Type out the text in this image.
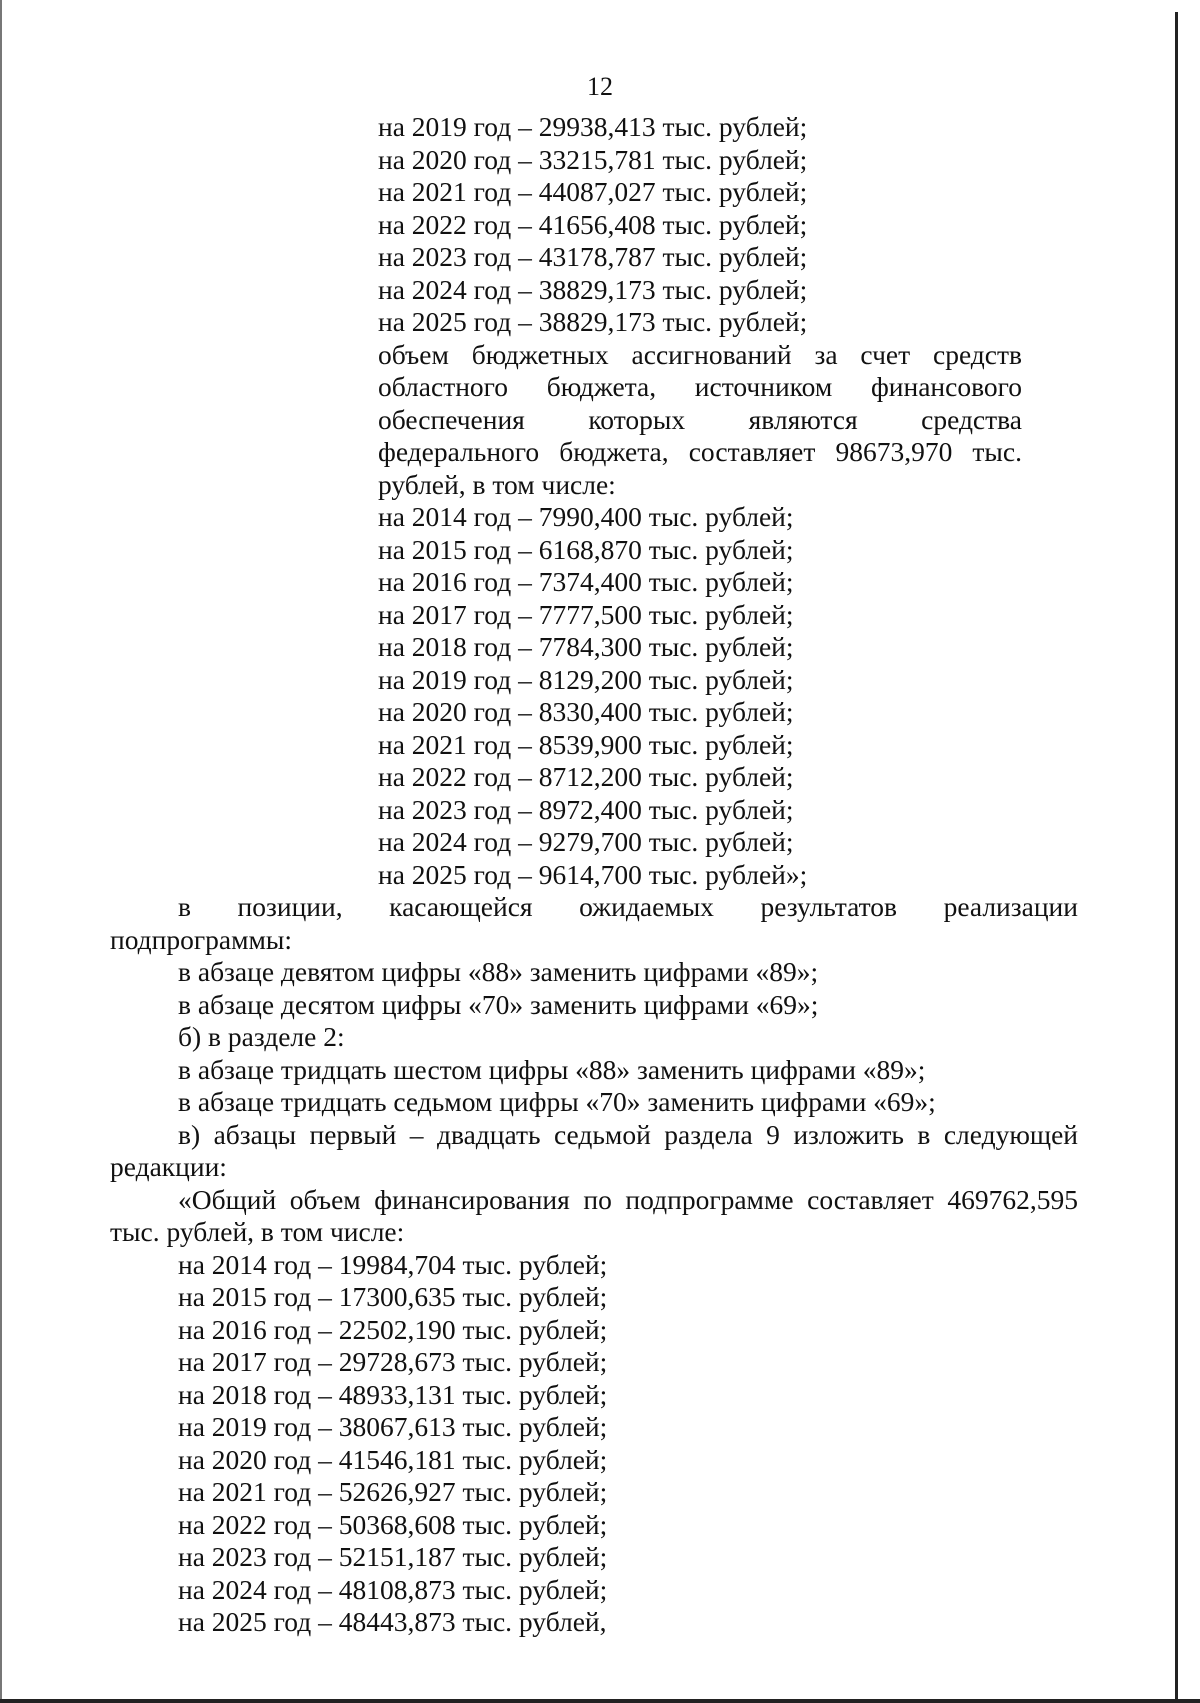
12
на 2019 год – 29938,413 тыс. рублей;
на 2020 год – 33215,781 тыс. рублей;
на 2021 год – 44087,027 тыс. рублей;
на 2022 год – 41656,408 тыс. рублей;
на 2023 год – 43178,787 тыс. рублей;
на 2024 год – 38829,173 тыс. рублей;
на 2025 год – 38829,173 тыс. рублей;
объем бюджетных ассигнований за счет средств
областного бюджета, источником финансового
обеспечения которых являются средства
федерального бюджета, составляет 98673,970 тыс.
рублей, в том числе:
на 2014 год – 7990,400 тыс. рублей;
на 2015 год – 6168,870 тыс. рублей;
на 2016 год – 7374,400 тыс. рублей;
на 2017 год – 7777,500 тыс. рублей;
на 2018 год – 7784,300 тыс. рублей;
на 2019 год – 8129,200 тыс. рублей;
на 2020 год – 8330,400 тыс. рублей;
на 2021 год – 8539,900 тыс. рублей;
на 2022 год – 8712,200 тыс. рублей;
на 2023 год – 8972,400 тыс. рублей;
на 2024 год – 9279,700 тыс. рублей;
на 2025 год – 9614,700 тыс. рублей»;
в позиции, касающейся ожидаемых результатов реализации
подпрограммы:
в абзаце девятом цифры «88» заменить цифрами «89»;
в абзаце десятом цифры «70» заменить цифрами «69»;
б) в разделе 2:
в абзаце тридцать шестом цифры «88» заменить цифрами «89»;
в абзаце тридцать седьмом цифры «70» заменить цифрами «69»;
в) абзацы первый – двадцать седьмой раздела 9 изложить в следующей
редакции:
«Общий объем финансирования по подпрограмме составляет 469762,595
тыс. рублей, в том числе:
на 2014 год – 19984,704 тыс. рублей;
на 2015 год – 17300,635 тыс. рублей;
на 2016 год – 22502,190 тыс. рублей;
на 2017 год – 29728,673 тыс. рублей;
на 2018 год – 48933,131 тыс. рублей;
на 2019 год – 38067,613 тыс. рублей;
на 2020 год – 41546,181 тыс. рублей;
на 2021 год – 52626,927 тыс. рублей;
на 2022 год – 50368,608 тыс. рублей;
на 2023 год – 52151,187 тыс. рублей;
на 2024 год – 48108,873 тыс. рублей;
на 2025 год – 48443,873 тыс. рублей,
